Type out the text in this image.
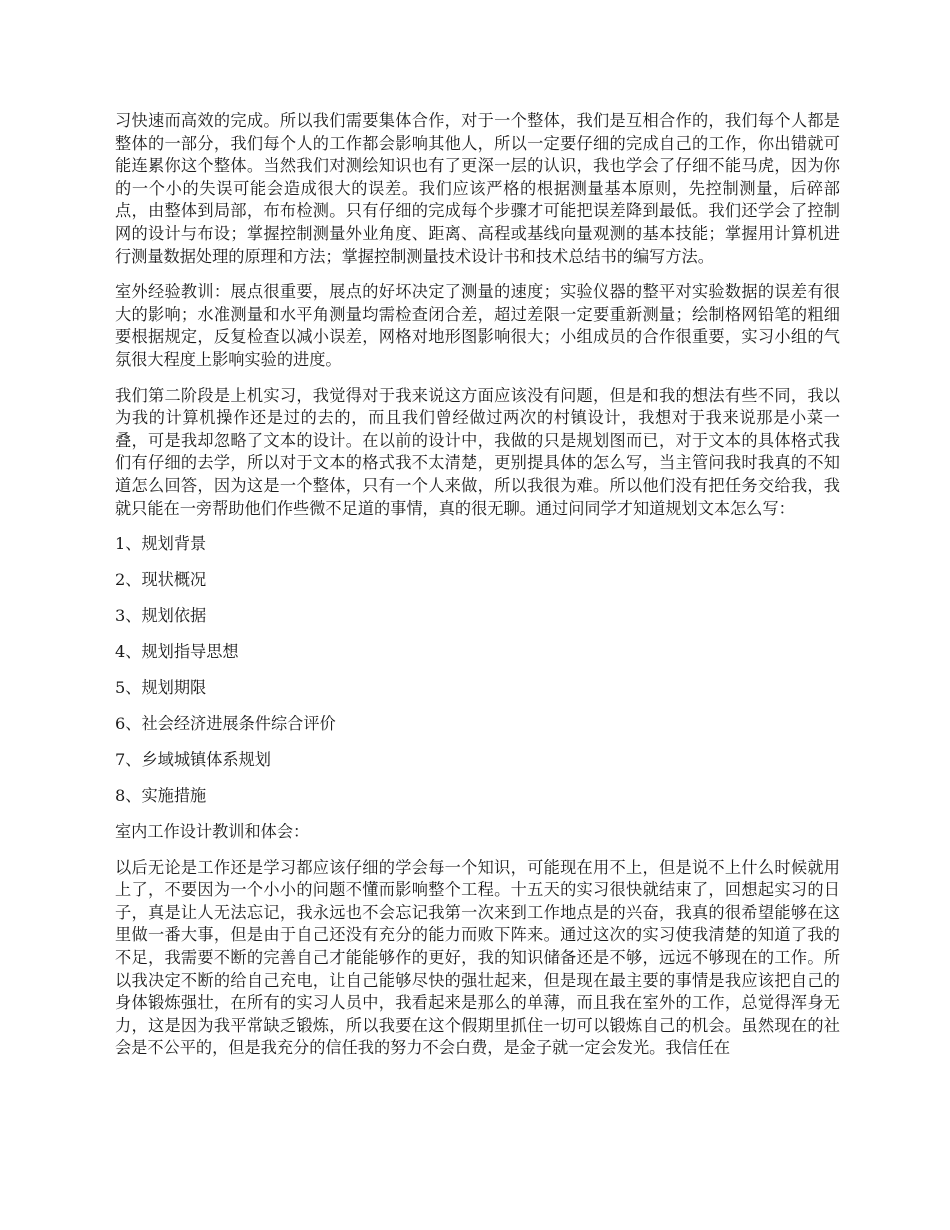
习快速而高效的完成。所以我们需要集体合作，对于一个整体，我们是互相合作的，我们每个人都是整体的一部分，我们每个人的工作都会影响其他人，所以一定要仔细的完成自己的工作，你出错就可能连累你这个整体。当然我们对测绘知识也有了更深一层的认识，我也学会了仔细不能马虎，因为你的一个小的失误可能会造成很大的误差。我们应该严格的根据测量基本原则，先控制测量，后碎部点，由整体到局部，布布检测。只有仔细的完成每个步骤才可能把误差降到最低。我们还学会了控制网的设计与布设；掌握控制测量外业角度、距离、高程或基线向量观测的基本技能；掌握用计算机进行测量数据处理的原理和方法；掌握控制测量技术设计书和技术总结书的编写方法。

室外经验教训：展点很重要，展点的好坏决定了测量的速度；实验仪器的整平对实验数据的误差有很大的影响；水准测量和水平角测量均需检查闭合差，超过差限一定要重新测量；绘制格网铅笔的粗细要根据规定，反复检查以减小误差，网格对地形图影响很大；小组成员的合作很重要，实习小组的气氛很大程度上影响实验的进度。

我们第二阶段是上机实习，我觉得对于我来说这方面应该没有问题，但是和我的想法有些不同，我以为我的计算机操作还是过的去的，而且我们曾经做过两次的村镇设计，我想对于我来说那是小菜一叠，可是我却忽略了文本的设计。在以前的设计中，我做的只是规划图而已，对于文本的具体格式我们有仔细的去学，所以对于文本的格式我不太清楚，更别提具体的怎么写，当主管问我时我真的不知道怎么回答，因为这是一个整体，只有一个人来做，所以我很为难。所以他们没有把任务交给我，我就只能在一旁帮助他们作些微不足道的事情，真的很无聊。通过问同学才知道规划文本怎么写：

1、规划背景
2、现状概况
3、规划依据
4、规划指导思想
5、规划期限
6、社会经济进展条件综合评价
7、乡域城镇体系规划
8、实施措施
室内工作设计教训和体会：

以后无论是工作还是学习都应该仔细的学会每一个知识，可能现在用不上，但是说不上什么时候就用上了，不要因为一个小小的问题不懂而影响整个工程。十五天的实习很快就结束了，回想起实习的日子，真是让人无法忘记，我永远也不会忘记我第一次来到工作地点是的兴奋，我真的很希望能够在这里做一番大事，但是由于自己还没有充分的能力而败下阵来。通过这次的实习使我清楚的知道了我的不足，我需要不断的完善自己才能能够作的更好，我的知识储备还是不够，远远不够现在的工作。所以我决定不断的给自己充电，让自己能够尽快的强壮起来，但是现在最主要的事情是我应该把自己的身体锻炼强壮，在所有的实习人员中，我看起来是那么的单薄，而且我在室外的工作，总觉得浑身无力，这是因为我平常缺乏锻炼，所以我要在这个假期里抓住一切可以锻炼自己的机会。虽然现在的社会是不公平的，但是我充分的信任我的努力不会白费，是金子就一定会发光。我信任在
